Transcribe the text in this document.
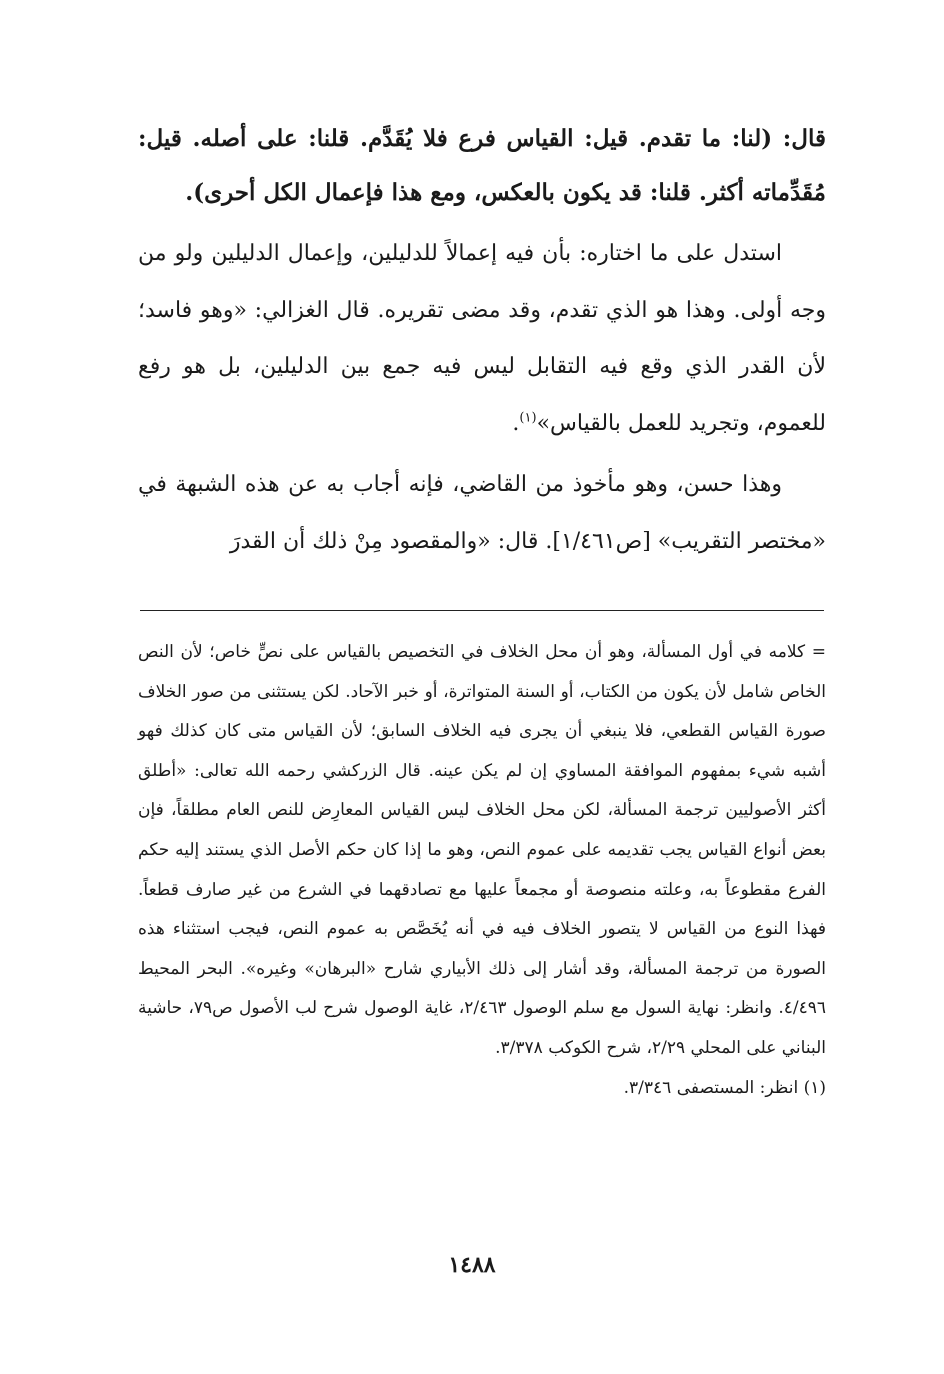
قال: (لنا: ما تقدم. قيل: القياس فرع فلا يُقَدَّم. قلنا: على أصله. قيل: مُقَدِّماته أكثر. قلنا: قد يكون بالعكس، ومع هذا فإعمال الكل أحرى).

استدل على ما اختاره: بأن فيه إعمالاً للدليلين، وإعمال الدليلين ولو من وجه أولى. وهذا هو الذي تقدم، وقد مضى تقريره. قال الغزالي: «وهو فاسد؛ لأن القدر الذي وقع فيه التقابل ليس فيه جمع بين الدليلين، بل هو رفع للعموم، وتجريد للعمل بالقياس»$^{(١)}$.

وهذا حسن، وهو مأخوذ من القاضي، فإنه أجاب به عن هذه الشبهة في «مختصر التقريب» [ص١/٤٦١]. قال: «والمقصود مِنْ ذلك أن القدرَ

= كلامه في أول المسألة، وهو أن محل الخلاف في التخصيص بالقياس على نصٍّ خاص؛ لأن النص الخاص شامل لأن يكون من الكتاب، أو السنة المتواترة، أو خبر الآحاد. لكن يستثنى من صور الخلاف صورة القياس القطعي، فلا ينبغي أن يجرى فيه الخلاف السابق؛ لأن القياس متى كان كذلك فهو أشبه شيء بمفهوم الموافقة المساوي إن لم يكن عينه. قال الزركشي رحمه الله تعالى: «أطلق أكثر الأصوليين ترجمة المسألة، لكن محل الخلاف ليس القياس المعارِض للنص العام مطلقاً، فإن بعض أنواع القياس يجب تقديمه على عموم النص، وهو ما إذا كان حكم الأصل الذي يستند إليه حكم الفرع مقطوعاً به، وعلته منصوصة أو مجمعاً عليها مع تصادقهما في الشرع من غير صارف قطعاً. فهذا النوع من القياس لا يتصور الخلاف فيه في أنه يُخَصَّص به عموم النص، فيجب استثناء هذه الصورة من ترجمة المسألة، وقد أشار إلى ذلك الأبياري شارح «البرهان» وغيره». البحر المحيط ٤/٤٩٦. وانظر: نهاية السول مع سلم الوصول ٢/٤٦٣، غاية الوصول شرح لب الأصول ص٧٩، حاشية البناني على المحلي ٢/٢٩، شرح الكوكب ٣/٣٧٨.

(١) انظر: المستصفى ٣/٣٤٦.

١٤٨٨
